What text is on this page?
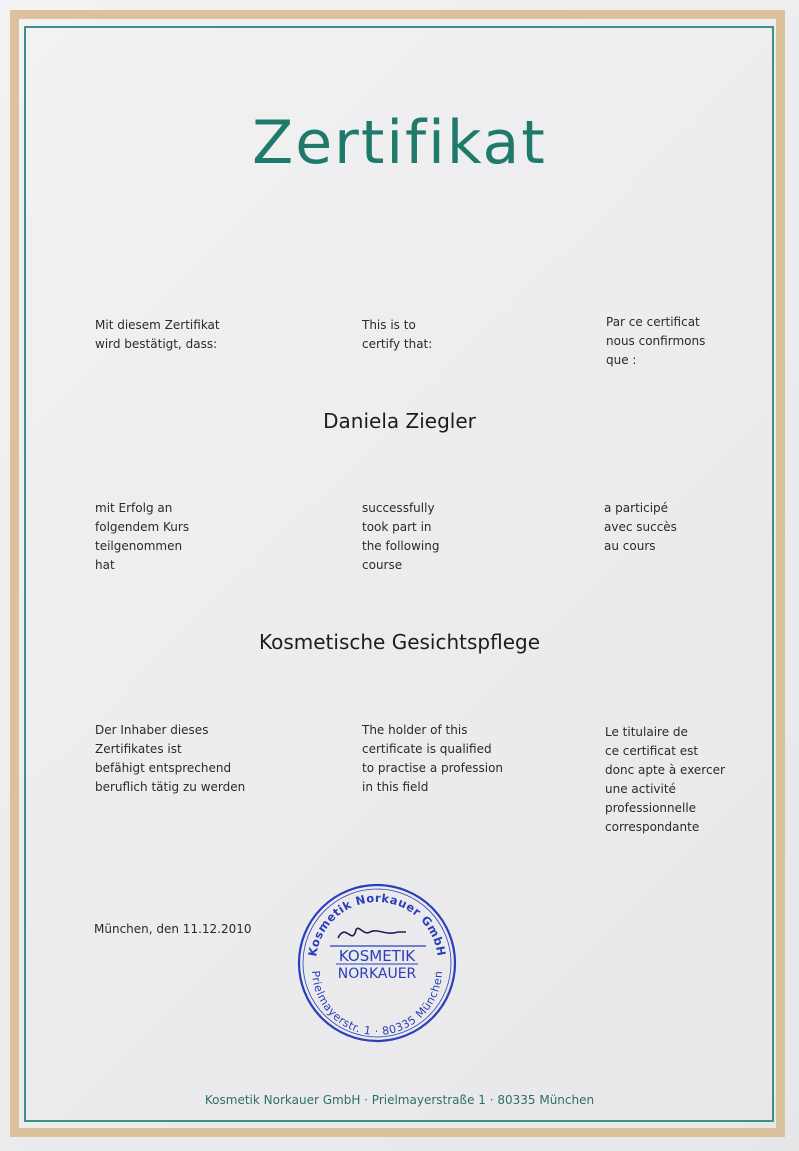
Zertifikat
Mit diesem Zertifikat
wird bestätigt, dass:
This is to
certify that:
Par ce certificat
nous confirmons
que :
Daniela Ziegler
mit Erfolg an
folgendem Kurs
teilgenommen
hat
successfully
took part in
the following
course
a participé
avec succès
au cours
Kosmetische Gesichtspflege
Der Inhaber dieses
Zertifikates ist
befähigt entsprechend
beruflich tätig zu werden
The holder of this
certificate is qualified
to practise a profession
in this field
Le titulaire de
ce certificat est
donc apte à exercer
une activité
professionnelle
correspondante
München, den 11.12.2010
Kosmetik Norkauer GmbH
Prielmayerstr. 1 · 80335 München
KOSMETIK
NORKAUER
Kosmetik Norkauer GmbH · Prielmayerstraße 1 · 80335 München
